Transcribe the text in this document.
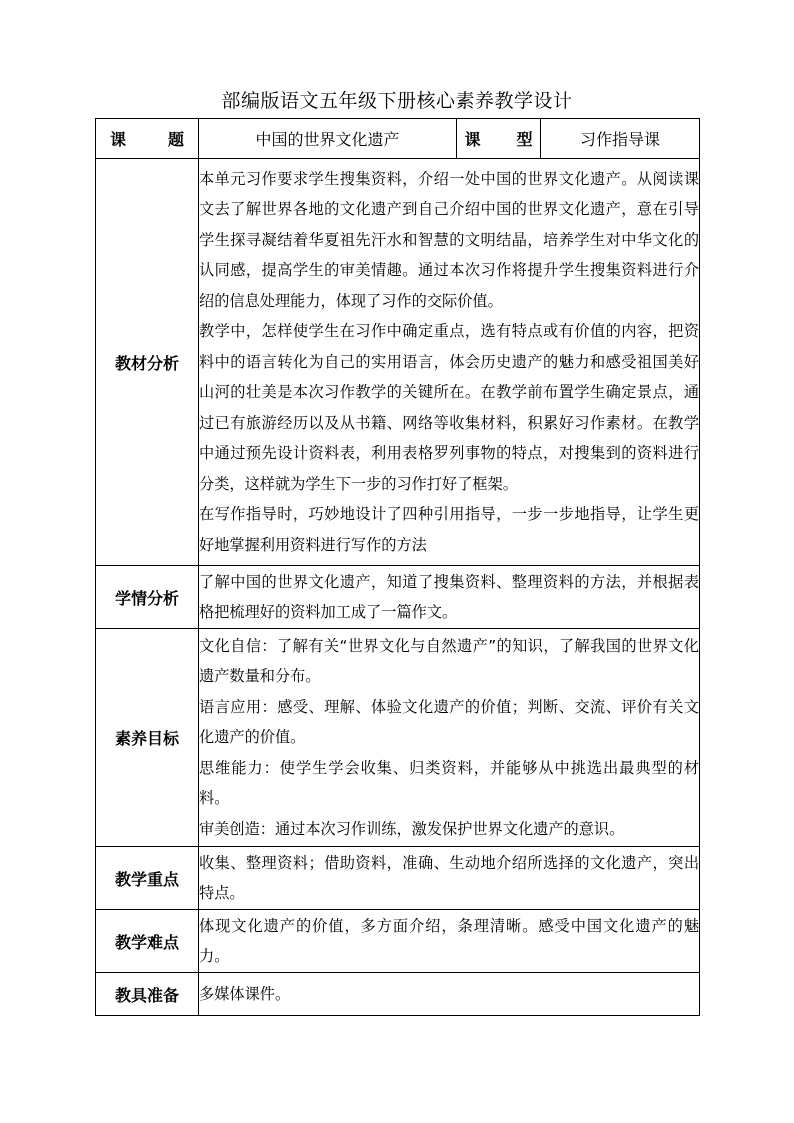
部编版语文五年级下册核心素养教学设计
课 题	中国的世界文化遗产	课 型	习作指导课
教材分析	本单元习作要求学生搜集资料，介绍一处中国的世界文化遗产。从阅读课文去了解世界各地的文化遗产到自己介绍中国的世界文化遗产，意在引导学生探寻凝结着华夏祖先汗水和智慧的文明结晶，培养学生对中华文化的认同感，提高学生的审美情趣。通过本次习作将提升学生搜集资料进行介绍的信息处理能力，体现了习作的交际价值。

教学中，怎样使学生在习作中确定重点，选有特点或有价值的内容，把资料中的语言转化为自己的实用语言，体会历史遗产的魅力和感受祖国美好山河的壮美是本次习作教学的关键所在。在教学前布置学生确定景点，通过已有旅游经历以及从书籍、网络等收集材料，积累好习作素材。在教学中通过预先设计资料表，利用表格罗列事物的特点，对搜集到的资料进行分类，这样就为学生下一步的习作打好了框架。

在写作指导时，巧妙地设计了四种引用指导，一步一步地指导，让学生更好地掌握利用资料进行写作的方法		

学情分析	了解中国的世界文化遗产，知道了搜集资料、整理资料的方法，并根据表格把梳理好的资料加工成了一篇作文。		

素养目标	文化自信：了解有关“世界文化与自然遗产”的知识，了解我国的世界文化遗产数量和分布。

语言应用：感受、理解、体验文化遗产的价值；判断、交流、评价有关文化遗产的价值。

思维能力：使学生学会收集、归类资料，并能够从中挑选出最典型的材料。

审美创造：通过本次习作训练，激发保护世界文化遗产的意识。		

教学重点	收集、整理资料；借助资料，准确、生动地介绍所选择的文化遗产，突出特点。		

教学难点	体现文化遗产的价值，多方面介绍，条理清晰。感受中国文化遗产的魅力。		

教具准备	多媒体课件。		
